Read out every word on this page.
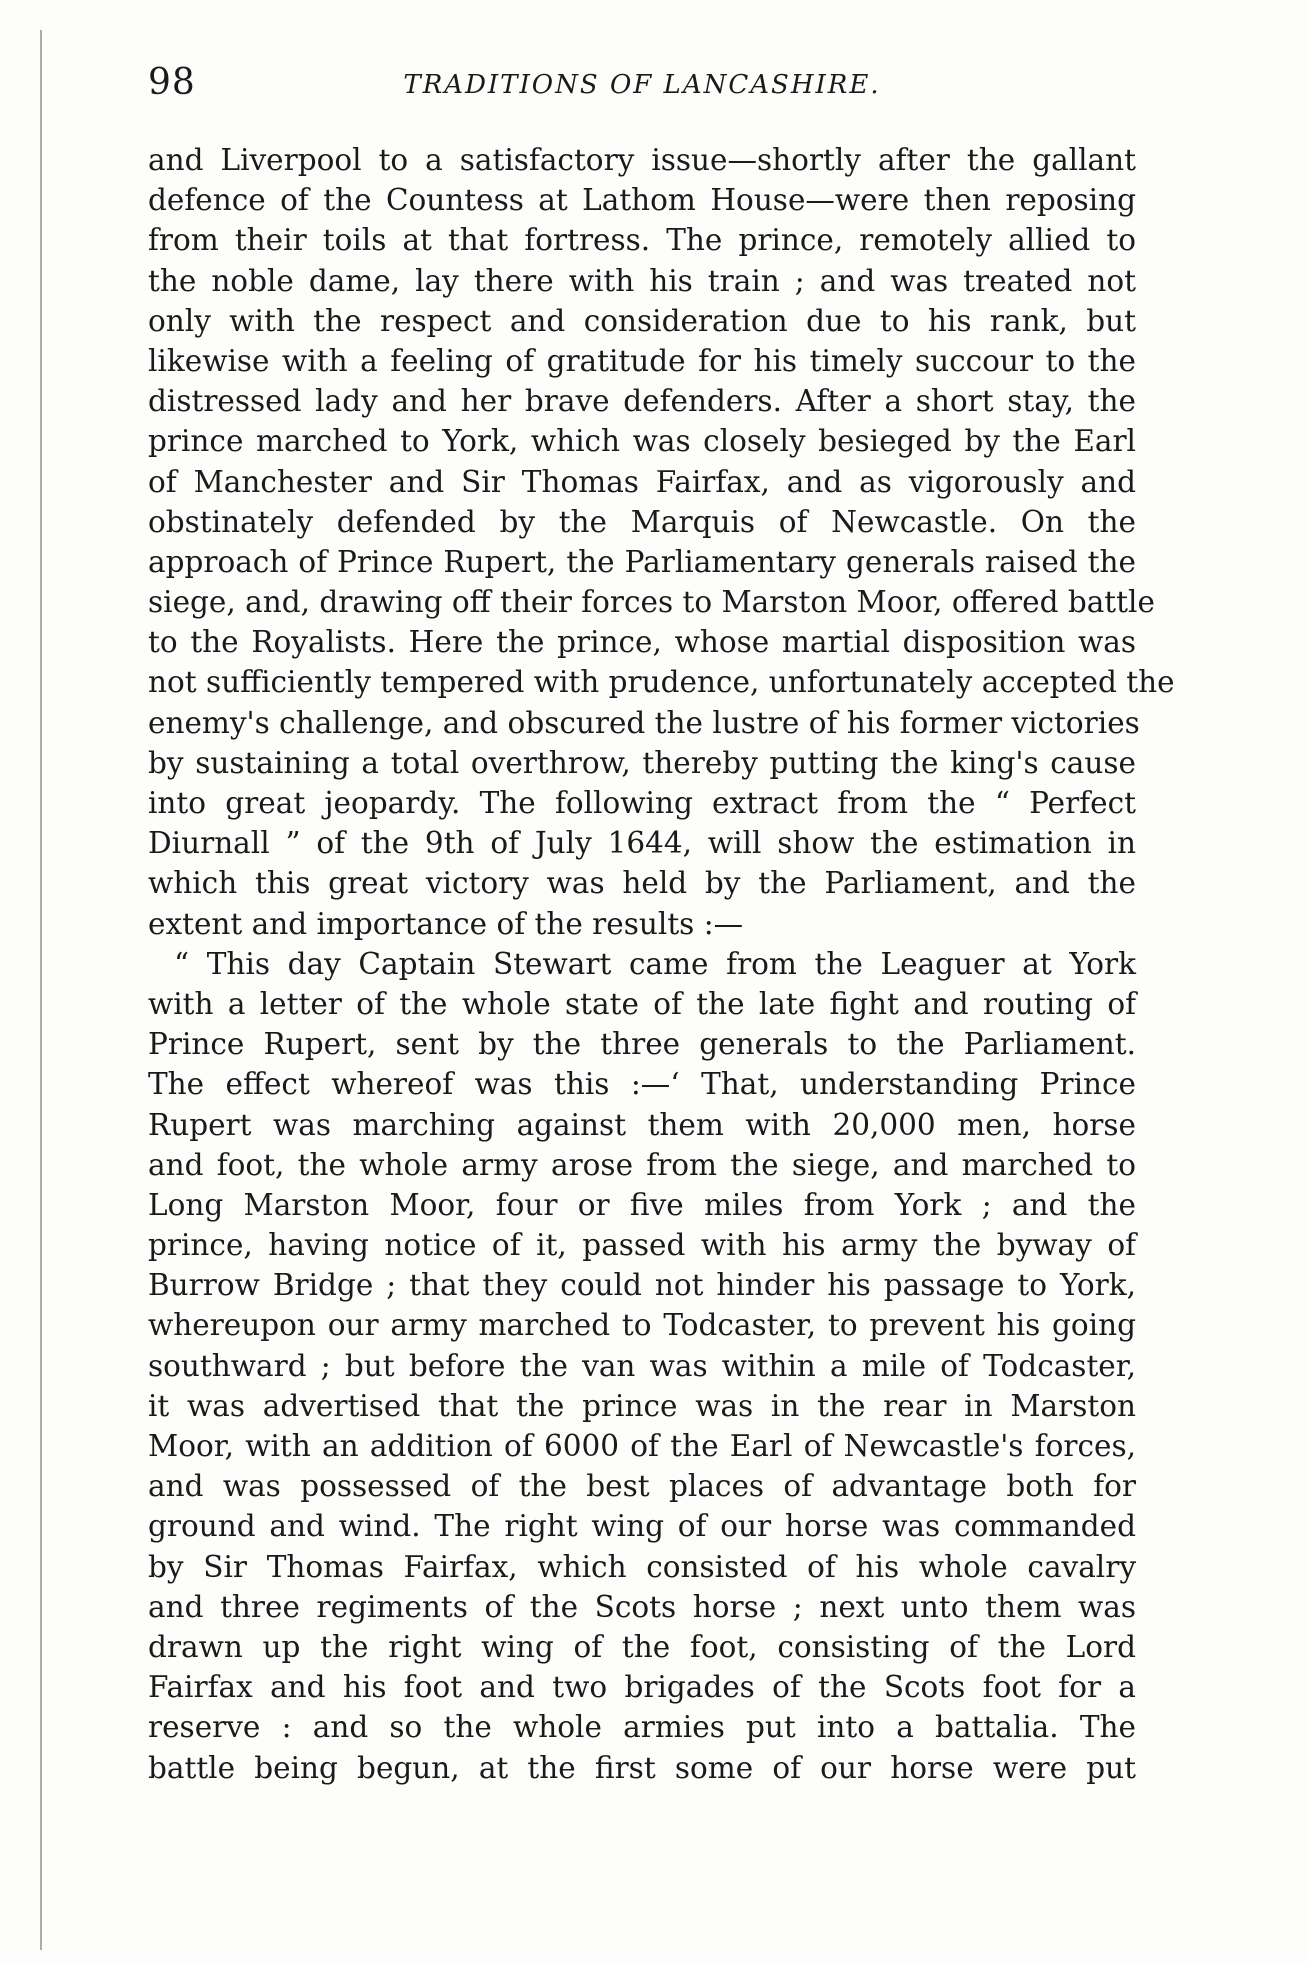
98	TRADITIONS OF LANCASHIRE.
and Liverpool to a satisfactory issue—shortly after the gallant
defence of the Countess at Lathom House—were then reposing
from their toils at that fortress. The prince, remotely allied to
the noble dame, lay there with his train ; and was treated not
only with the respect and consideration due to his rank, but
likewise with a feeling of gratitude for his timely succour to the
distressed lady and her brave defenders. After a short stay, the
prince marched to York, which was closely besieged by the Earl
of Manchester and Sir Thomas Fairfax, and as vigorously and
obstinately defended by the Marquis of Newcastle. On the
approach of Prince Rupert, the Parliamentary generals raised the
siege, and, drawing off their forces to Marston Moor, offered battle
to the Royalists. Here the prince, whose martial disposition was
not sufficiently tempered with prudence, unfortunately accepted the
enemy's challenge, and obscured the lustre of his former victories
by sustaining a total overthrow, thereby putting the king's cause
into great jeopardy. The following extract from the “ Perfect
Diurnall ” of the 9th of July 1644, will show the estimation in
which this great victory was held by the Parliament, and the
extent and importance of the results :—
“ This day Captain Stewart came from the Leaguer at York
with a letter of the whole state of the late fight and routing of
Prince Rupert, sent by the three generals to the Parliament.
The effect whereof was this :—‘ That, understanding Prince
Rupert was marching against them with 20,000 men, horse
and foot, the whole army arose from the siege, and marched to
Long Marston Moor, four or five miles from York ; and the
prince, having notice of it, passed with his army the byway of
Burrow Bridge ; that they could not hinder his passage to York,
whereupon our army marched to Todcaster, to prevent his going
southward ; but before the van was within a mile of Todcaster,
it was advertised that the prince was in the rear in Marston
Moor, with an addition of 6000 of the Earl of Newcastle's forces,
and was possessed of the best places of advantage both for
ground and wind. The right wing of our horse was commanded
by Sir Thomas Fairfax, which consisted of his whole cavalry
and three regiments of the Scots horse ; next unto them was
drawn up the right wing of the foot, consisting of the Lord
Fairfax and his foot and two brigades of the Scots foot for a
reserve : and so the whole armies put into a battalia. The
battle being begun, at the first some of our horse were put
